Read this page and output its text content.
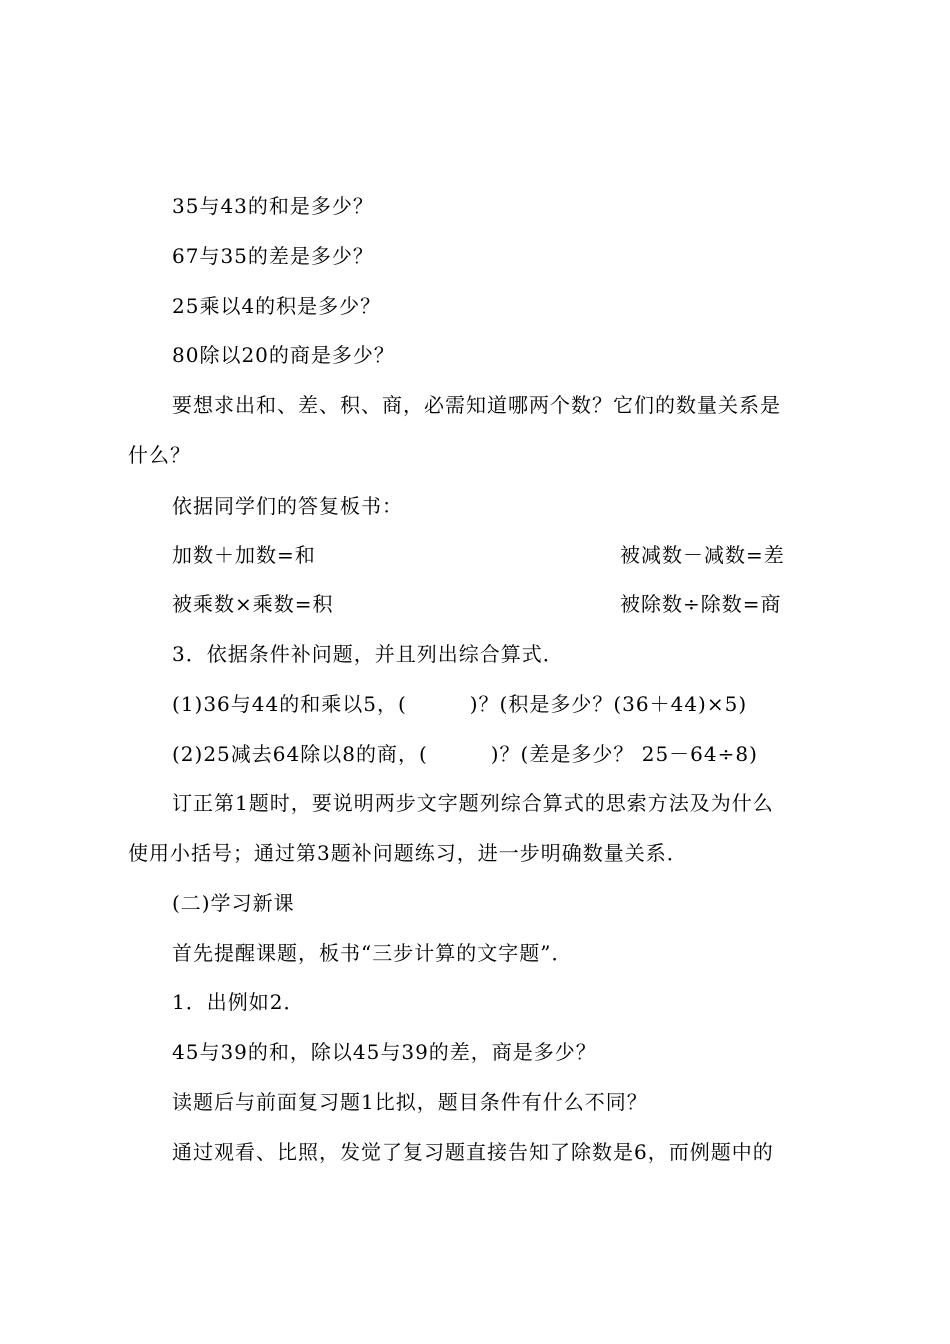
35与43的和是多少？
67与35的差是多少？
25乘以4的积是多少？
80除以20的商是多少？
要想求出和、差、积、商，必需知道哪两个数？它们的数量关系是
什么？
依据同学们的答复板书：
加数＋加数=和	被减数－减数=差
被乘数×乘数=积	被除数÷除数=商
3．依据条件补问题，并且列出综合算式．
(1)36与44的和乘以5，(　　　)？(积是多少？(36＋44)×5)
(2)25减去64除以8的商，(　　　)？(差是多少？ 25－64÷8)
订正第1题时，要说明两步文字题列综合算式的思索方法及为什么
使用小括号；通过第3题补问题练习，进一步明确数量关系．
(二)学习新课
首先提醒课题，板书“三步计算的文字题”．
1．出例如2．
45与39的和，除以45与39的差，商是多少？
读题后与前面复习题1比拟，题目条件有什么不同？
通过观看、比照，发觉了复习题直接告知了除数是6，而例题中的
